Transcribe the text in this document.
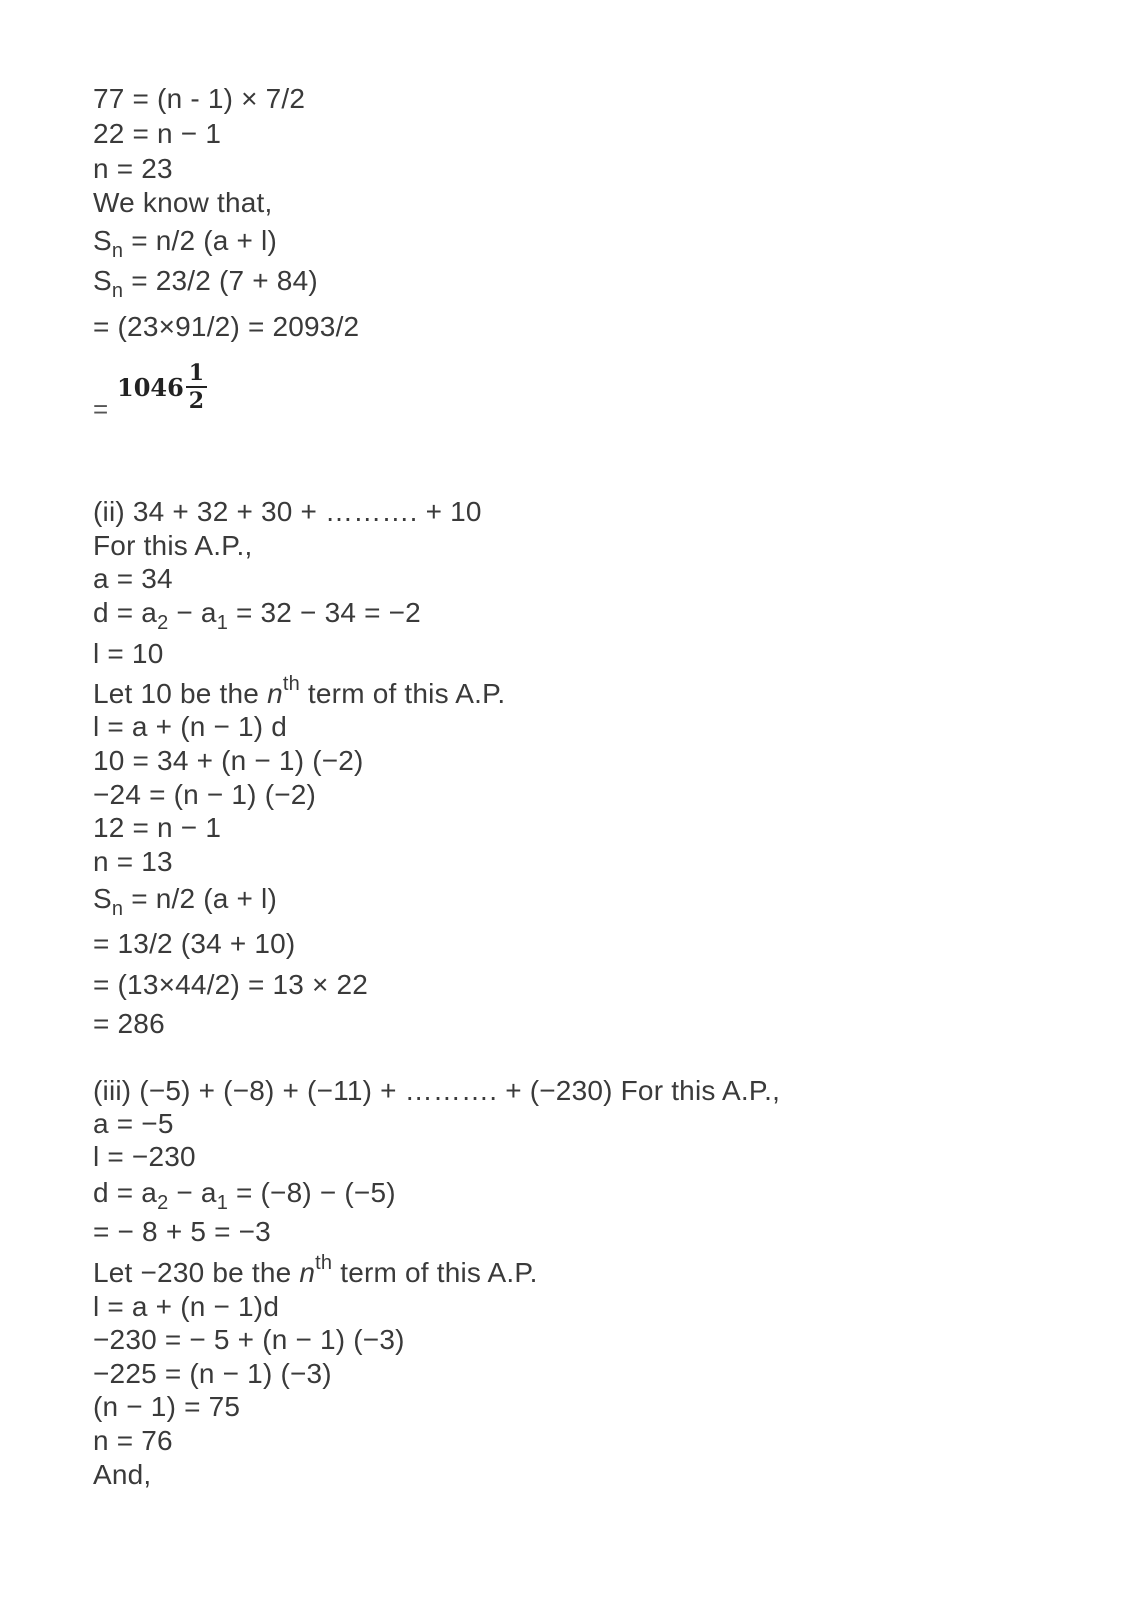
77 = (n - 1) × 7/2
22 = n − 1
n = 23
We know that,
$S_n = n/2$ (a + l)
$S_n = 23/2$ (7 + 84)
= (23×91/2) = 2093/2
=
$1046 \frac{1}{2}$
(ii) 34 + 32 + 30 + ………. + 10
For this A.P.,
a = 34
$d = a_2 - a_1 = 32 - 34 = -2$
l = 10
Let 10 be the $n^{th}$ term of this A.P.
l = a + (n − 1) d
10 = 34 + (n − 1) (−2)
−24 = (n − 1) (−2)
12 = n − 1
n = 13
$S_n = n/2$ (a + l)
= 13/2 (34 + 10)
= (13×44/2) = 13 × 22
= 286
(iii) (−5) + (−8) + (−11) + ………. + (−230) For this A.P.,
a = −5
l = −230
$d = a_2 - a_1 = (-8) - (-5)$
= − 8 + 5 = −3
Let −230 be the $n^{th}$ term of this A.P.
l = a + (n − 1)d
−230 = − 5 + (n − 1) (−3)
−225 = (n − 1) (−3)
(n − 1) = 75
n = 76
And,
